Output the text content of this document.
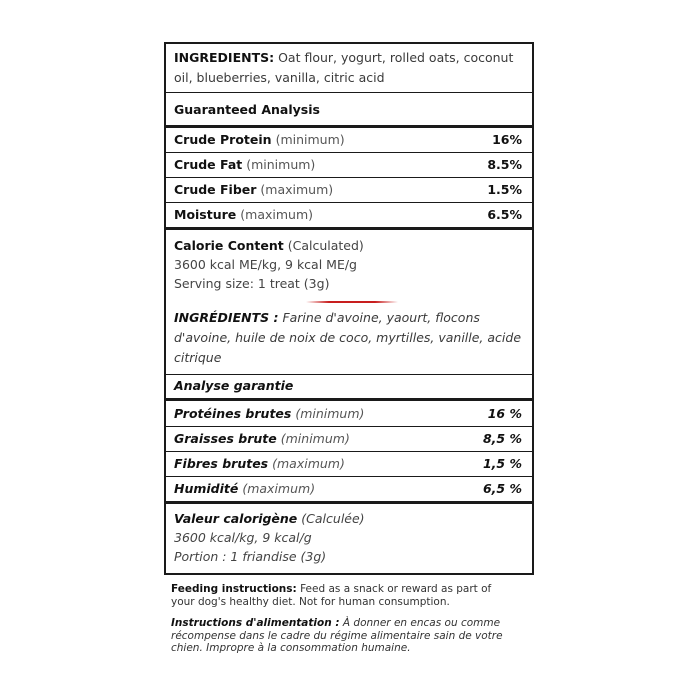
INGREDIENTS: Oat flour, yogurt, rolled oats, coconut oil, blueberries, vanilla, citric acid
Guaranteed Analysis
Crude Protein (minimum)	16%
Crude Fat (minimum)	8.5%
Crude Fiber (maximum)	1.5%
Moisture (maximum)	6.5%
Calorie Content (Calculated)
3600 kcal ME/kg, 9 kcal ME/g
Serving size: 1 treat (3g)
INGRÉDIENTS : Farine d'avoine, yaourt, flocons d'avoine, huile de noix de coco, myrtilles, vanille, acide citrique
Analyse garantie
Protéines brutes (minimum)	16 %
Graisses brute (minimum)	8,5 %
Fibres brutes (maximum)	1,5 %
Humidité (maximum)	6,5 %
Valeur calorigène (Calculée)
3600 kcal/kg, 9 kcal/g
Portion : 1 friandise (3g)
Feeding instructions: Feed as a snack or reward as part of
your dog's healthy diet. Not for human consumption.
Instructions d'alimentation : À donner en encas ou comme
récompense dans le cadre du régime alimentaire sain de votre
chien. Impropre à la consommation humaine.
